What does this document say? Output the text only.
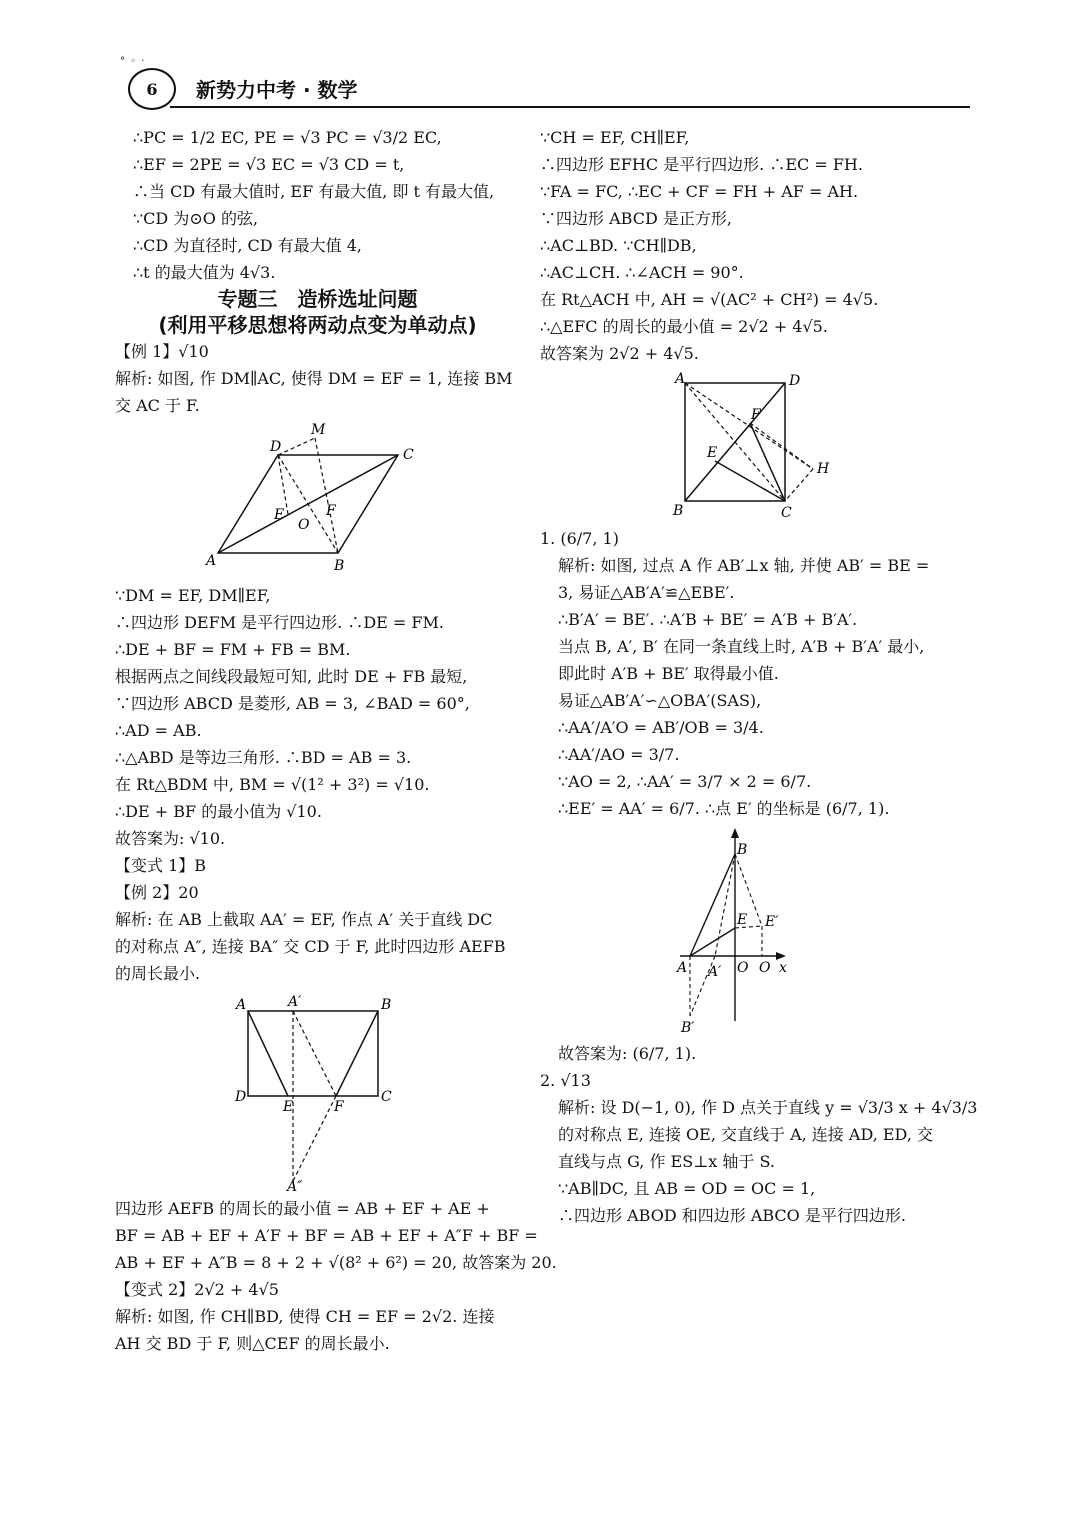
° ◦ ·
6 新势力中考 · 数学
∴PC = 1/2 EC, PE = √3 PC = √3/2 EC,
∴EF = 2PE = √3 EC = √3 CD = t,
∴当 CD 有最大值时, EF 有最大值, 即 t 有最大值,
∵CD 为⊙O 的弦,
∴CD 为直径时, CD 有最大值 4,
∴t 的最大值为 4√3.
专题三　造桥选址问题
(利用平移思想将两动点变为单动点)
【例 1】√10
解析: 如图, 作 DM∥AC, 使得 DM = EF = 1, 连接 BM
交 AC 于 F.
D
M
C
E	F
O
A	B
∵DM = EF, DM∥EF,
∴四边形 DEFM 是平行四边形. ∴DE = FM.
∴DE + BF = FM + FB = BM.
根据两点之间线段最短可知, 此时 DE + FB 最短,
∵四边形 ABCD 是菱形, AB = 3, ∠BAD = 60°,
∴AD = AB.
∴△ABD 是等边三角形. ∴BD = AB = 3.
在 Rt△BDM 中, BM = √(1² + 3²) = √10.
∴DE + BF 的最小值为 √10.
故答案为: √10.
【变式 1】B
【例 2】20
解析: 在 AB 上截取 AA′ = EF, 作点 A′ 关于直线 DC
的对称点 A″, 连接 BA″ 交 CD 于 F, 此时四边形 AEFB
的周长最小.
A	A′	B
D
E	F
C
A″
四边形 AEFB 的周长的最小值 = AB + EF + AE +
BF = AB + EF + A′F + BF = AB + EF + A″F + BF =
AB + EF + A″B = 8 + 2 + √(8² + 6²) = 20, 故答案为 20.
【变式 2】2√2 + 4√5
解析: 如图, 作 CH∥BD, 使得 CH = EF = 2√2. 连接
AH 交 BD 于 F, 则△CEF 的周长最小.
∵CH = EF, CH∥EF,
∴四边形 EFHC 是平行四边形. ∴EC = FH.
∵FA = FC, ∴EC + CF = FH + AF = AH.
∵四边形 ABCD 是正方形,
∴AC⊥BD. ∵CH∥DB,
∴AC⊥CH. ∴∠ACH = 90°.
在 Rt△ACH 中, AH = √(AC² + CH²) = 4√5.
∴△EFC 的周长的最小值 = 2√2 + 4√5.
故答案为 2√2 + 4√5.
A	D
F
E
H
B	C
1. (6/7, 1)
解析: 如图, 过点 A 作 AB′⊥x 轴, 并使 AB′ = BE =
3, 易证△AB′A′≌△EBE′.
∴B′A′ = BE′. ∴A′B + BE′ = A′B + B′A′.
当点 B, A′, B′ 在同一条直线上时, A′B + B′A′ 最小,
即此时 A′B + BE′ 取得最小值.
易证△AB′A′∽△OBA′(SAS),
∴AA′/A′O = AB′/OB = 3/4.
∴AA′/AO = 3/7.
∵AO = 2, ∴AA′ = 3/7 × 2 = 6/7.
∴EE′ = AA′ = 6/7. ∴点 E′ 的坐标是 (6/7, 1).
B
E E′
A A′ O O x
B′
故答案为: (6/7, 1).
2. √13
解析: 设 D(−1, 0), 作 D 点关于直线 y = √3/3 x + 4√3/3
的对称点 E, 连接 OE, 交直线于 A, 连接 AD, ED, 交
直线与点 G, 作 ES⊥x 轴于 S.
∵AB∥DC, 且 AB = OD = OC = 1,
∴四边形 ABOD 和四边形 ABCO 是平行四边形.
